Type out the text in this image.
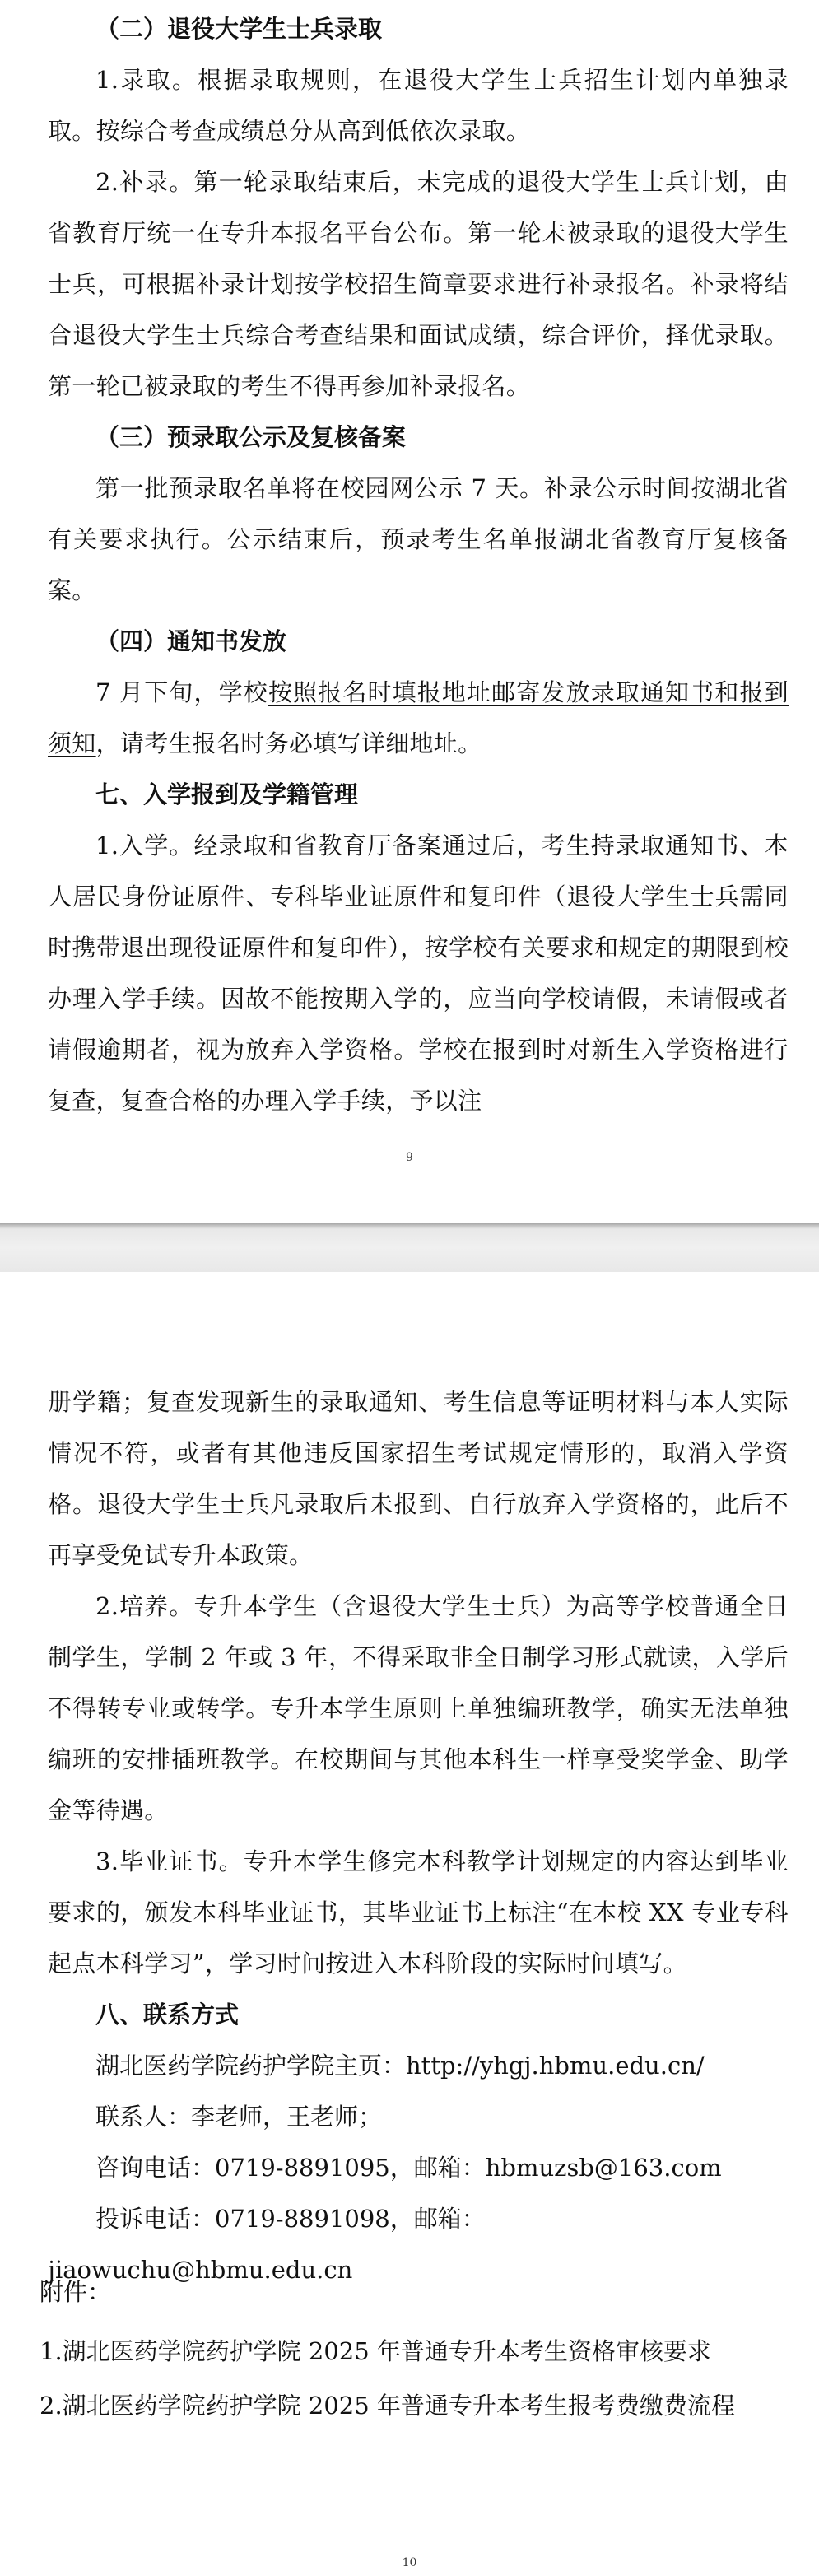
（二）退役大学生士兵录取

1.录取。根据录取规则，在退役大学生士兵招生计划内单独录取。按综合考查成绩总分从高到低依次录取。

2.补录。第一轮录取结束后，未完成的退役大学生士兵计划，由省教育厅统一在专升本报名平台公布。第一轮未被录取的退役大学生士兵，可根据补录计划按学校招生简章要求进行补录报名。补录将结合退役大学生士兵综合考查结果和面试成绩，综合评价，择优录取。第一轮已被录取的考生不得再参加补录报名。

（三）预录取公示及复核备案

第一批预录取名单将在校园网公示 7 天。补录公示时间按湖北省有关要求执行。公示结束后，预录考生名单报湖北省教育厅复核备案。

（四）通知书发放

7 月下旬，学校按照报名时填报地址邮寄发放录取通知书和报到须知，请考生报名时务必填写详细地址。

七、入学报到及学籍管理

1.入学。经录取和省教育厅备案通过后，考生持录取通知书、本人居民身份证原件、专科毕业证原件和复印件（退役大学生士兵需同时携带退出现役证原件和复印件），按学校有关要求和规定的期限到校办理入学手续。因故不能按期入学的，应当向学校请假，未请假或者请假逾期者，视为放弃入学资格。学校在报到时对新生入学资格进行复查，复查合格的办理入学手续，予以注

9

册学籍；复查发现新生的录取通知、考生信息等证明材料与本人实际情况不符，或者有其他违反国家招生考试规定情形的，取消入学资格。退役大学生士兵凡录取后未报到、自行放弃入学资格的，此后不再享受免试专升本政策。

2.培养。专升本学生（含退役大学生士兵）为高等学校普通全日制学生，学制 2 年或 3 年，不得采取非全日制学习形式就读，入学后不得转专业或转学。专升本学生原则上单独编班教学，确实无法单独编班的安排插班教学。在校期间与其他本科生一样享受奖学金、助学金等待遇。

3.毕业证书。专升本学生修完本科教学计划规定的内容达到毕业要求的，颁发本科毕业证书，其毕业证书上标注“在本校 XX 专业专科起点本科学习”，学习时间按进入本科阶段的实际时间填写。

八、联系方式

湖北医药学院药护学院主页：http://yhgj.hbmu.edu.cn/

联系人：李老师，王老师；

咨询电话：0719-8891095，邮箱：hbmuzsb@163.com

投诉电话：0719-8891098，邮箱：jiaowuchu@hbmu.edu.cn

附件：
1.湖北医药学院药护学院 2025 年普通专升本考生资格审核要求
2.湖北医药学院药护学院 2025 年普通专升本考生报考费缴费流程
10
